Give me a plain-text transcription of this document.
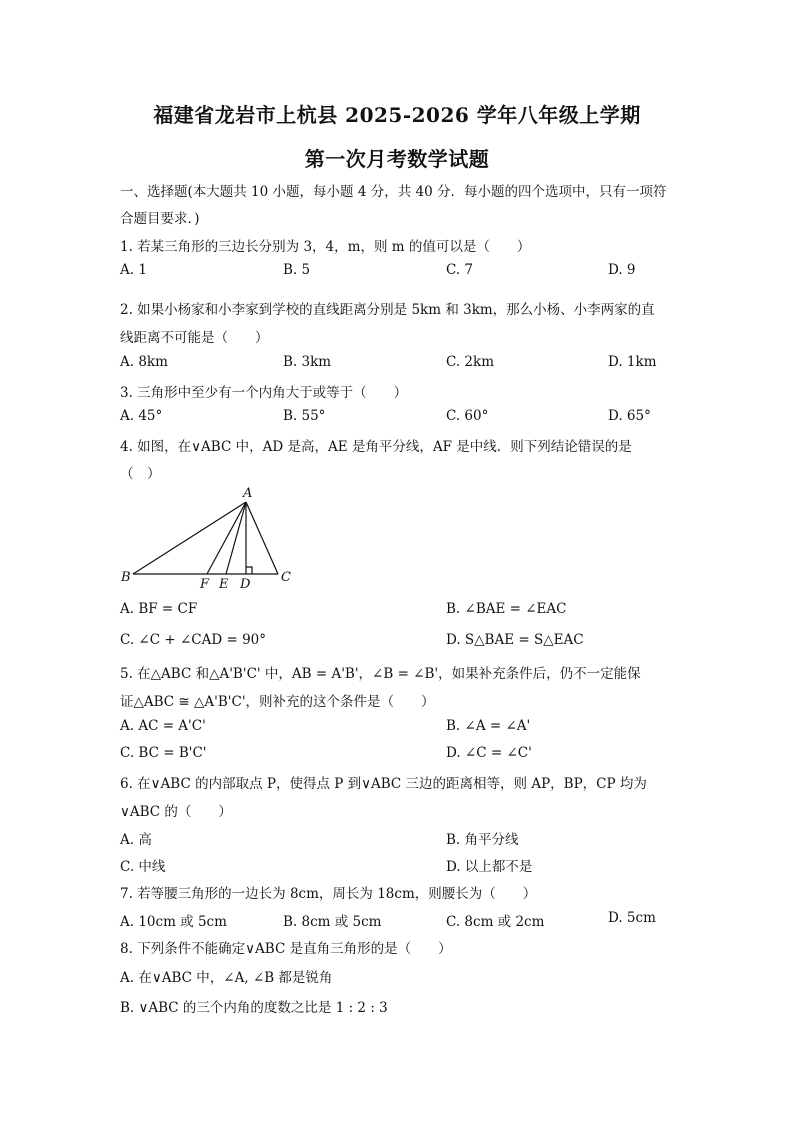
福建省龙岩市上杭县 2025-2026 学年八年级上学期
第一次月考数学试题
一、选择题(本大题共 10 小题，每小题 4 分，共 40 分．每小题的四个选项中，只有一项符
合题目要求．)
1. 若某三角形的三边长分别为 3，4，m，则 m 的值可以是（　　）
A. 1	B. 5	C. 7	D. 9
2. 如果小杨家和小李家到学校的直线距离分别是 5km 和 3km，那么小杨、小李两家的直
线距离不可能是（　　）
A. 8km	B. 3km	C. 2km	D. 1km
3. 三角形中至少有一个内角大于或等于（　　）
A. 45°	B. 55°	C. 60°	D. 65°
4. 如图，在∨ABC 中，AD 是高，AE 是角平分线，AF 是中线．则下列结论错误的是
（　）
A
B	F E D C
A. BF = CF	B. ∠BAE = ∠EAC
C. ∠C + ∠CAD = 90°	D. S△BAE = S△EAC
5. 在△ABC 和△A'B'C' 中，AB = A'B'，∠B = ∠B'，如果补充条件后，仍不一定能保
证△ABC ≅ △A'B'C'，则补充的这个条件是（　　）
A. AC = A'C'	B. ∠A = ∠A'
C. BC = B'C'	D. ∠C = ∠C'
6. 在∨ABC 的内部取点 P，使得点 P 到∨ABC 三边的距离相等，则 AP，BP，CP 均为
∨ABC 的（　　）
A. 高	B. 角平分线
C. 中线	D. 以上都不是
7. 若等腰三角形的一边长为 8cm，周长为 18cm，则腰长为（　　）
A. 10cm 或 5cm	B. 8cm 或 5cm	C. 8cm 或 2cm	D. 5cm
8. 下列条件不能确定∨ABC 是直角三角形的是（　　）
A. 在∨ABC 中，∠A, ∠B 都是锐角
B. ∨ABC 的三个内角的度数之比是 1 : 2 : 3
